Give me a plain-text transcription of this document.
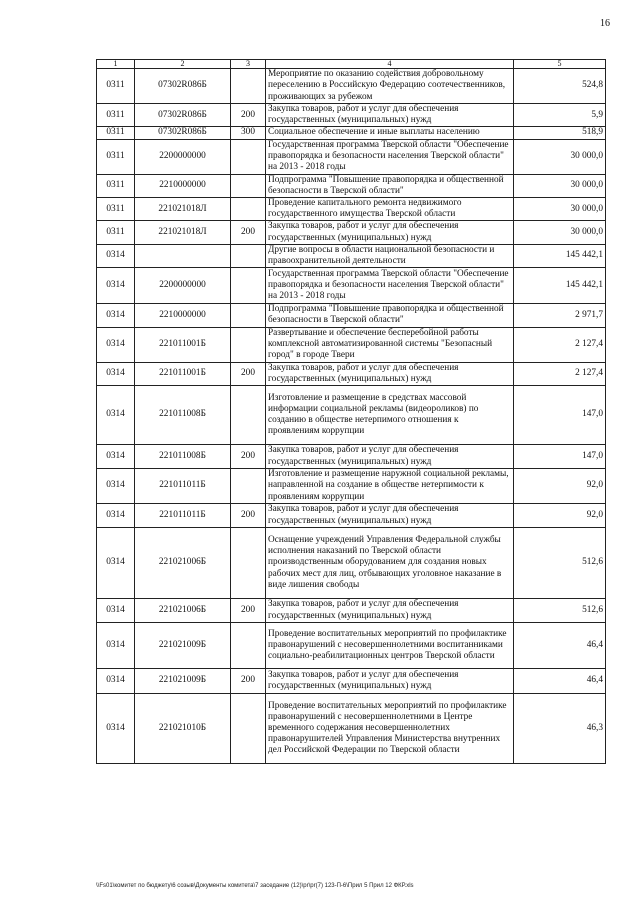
16
1	2	3	4	5
0311	07302R086Б		Мероприятие по оказанию содействия добровольному переселению в Российскую Федерацию соотечественников, проживающих за рубежом	524,8
0311	07302R086Б	200	Закупка товаров, работ и услуг для обеспечения государственных (муниципальных) нужд	5,9
0311	07302R086Б	300	Социальное обеспечение и иные выплаты населению	518,9
0311	2200000000		Государственная программа Тверской области "Обеспечение правопорядка и безопасности населения Тверской области" на 2013 - 2018 годы	30 000,0
0311	2210000000		Подпрограмма "Повышение правопорядка и общественной безопасности в Тверской области"	30 000,0
0311	221021018Л		Проведение капитального ремонта недвижимого государственного имущества Тверской области	30 000,0
0311	221021018Л	200	Закупка товаров, работ и услуг для обеспечения государственных (муниципальных) нужд	30 000,0
0314			Другие вопросы в области национальной безопасности и правоохранительной деятельности	145 442,1
0314	2200000000		Государственная программа Тверской области "Обеспечение правопорядка и безопасности населения Тверской области" на 2013 - 2018 годы	145 442,1
0314	2210000000		Подпрограмма "Повышение правопорядка и общественной безопасности в Тверской области"	2 971,7
0314	221011001Б		Развертывание и обеспечение бесперебойной работы комплексной автоматизированной системы "Безопасный город" в городе Твери	2 127,4
0314	221011001Б	200	Закупка товаров, работ и услуг для обеспечения государственных (муниципальных) нужд	2 127,4
0314	221011008Б		Изготовление и размещение в средствах массовой информации социальной рекламы (видеороликов) по созданию в обществе нетерпимого отношения к проявлениям коррупции	147,0
0314	221011008Б	200	Закупка товаров, работ и услуг для обеспечения государственных (муниципальных) нужд	147,0
0314	221011011Б		Изготовление и размещение наружной социальной рекламы, направленной на создание в обществе нетерпимости к проявлениям коррупции	92,0
0314	221011011Б	200	Закупка товаров, работ и услуг для обеспечения государственных (муниципальных) нужд	92,0
0314	221021006Б		Оснащение учреждений Управления Федеральной службы исполнения наказаний по Тверской области производственным оборудованием для создания новых рабочих мест для лиц, отбывающих уголовное наказание в виде лишения свободы	512,6
0314	221021006Б	200	Закупка товаров, работ и услуг для обеспечения государственных (муниципальных) нужд	512,6
0314	221021009Б		Проведение воспитательных мероприятий по профилактике правонарушений с несовершеннолетними воспитанниками социально-реабилитационных центров Тверской области	46,4
0314	221021009Б	200	Закупка товаров, работ и услуг для обеспечения государственных (муниципальных) нужд	46,4
0314	221021010Б		Проведение воспитательных мероприятий по профилактике правонарушений с несовершеннолетними в Центре временного содержания несовершеннолетних правонарушителей Управления Министерства внутренних дел Российской Федерации по Тверской области	46,3
\\Fs01\комитет по бюджету\6 созыв\Документы комитета\7 заседание (12)\pr\pr(7) 123-П-6\Прил 5 Прил 12 ФКР.xls
